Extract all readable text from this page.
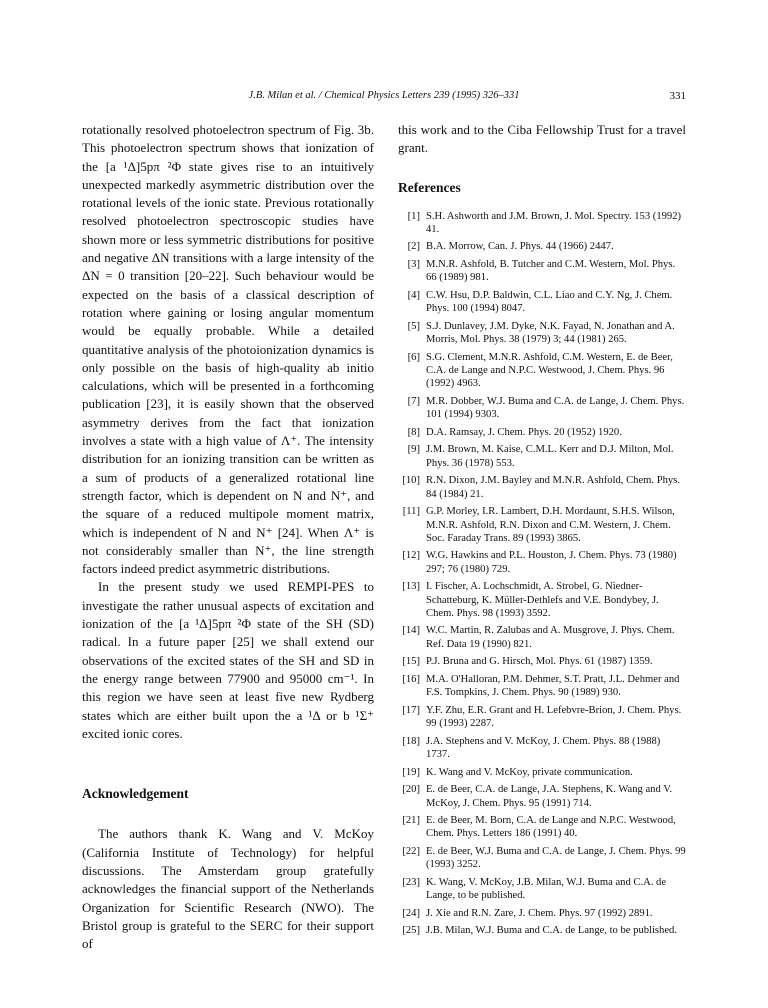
J.B. Milan et al. / Chemical Physics Letters 239 (1995) 326–331	331

rotationally resolved photoelectron spectrum of Fig. 3b. This photoelectron spectrum shows that ionization of the [a ¹Δ]5pπ ²Φ state gives rise to an intuitively unexpected markedly asymmetric distribution over the rotational levels of the ionic state. Previous rotationally resolved photoelectron spectroscopic studies have shown more or less symmetric distributions for positive and negative ΔN transitions with a large intensity of the ΔN = 0 transition [20–22]. Such behaviour would be expected on the basis of a classical description of rotation where gaining or losing angular momentum would be equally probable. While a detailed quantitative analysis of the photoionization dynamics is only possible on the basis of high-quality ab initio calculations, which will be presented in a forthcoming publication [23], it is easily shown that the observed asymmetry derives from the fact that ionization involves a state with a high value of Λ⁺. The intensity distribution for an ionizing transition can be written as a sum of products of a generalized rotational line strength factor, which is dependent on N and N⁺, and the square of a reduced multipole moment matrix, which is independent of N and N⁺ [24]. When Λ⁺ is not considerably smaller than N⁺, the line strength factors indeed predict asymmetric distributions.

In the present study we used REMPI-PES to investigate the rather unusual aspects of excitation and ionization of the [a ¹Δ]5pπ ²Φ state of the SH (SD) radical. In a future paper [25] we shall extend our observations of the excited states of the SH and SD in the energy range between 77900 and 95000 cm⁻¹. In this region we have seen at least five new Rydberg states which are either built upon the a ¹Δ or b ¹Σ⁺ excited ionic cores.

Acknowledgement

The authors thank K. Wang and V. McKoy (California Institute of Technology) for helpful discussions. The Amsterdam group gratefully acknowledges the financial support of the Netherlands Organization for Scientific Research (NWO). The Bristol group is grateful to the SERC for their support of

this work and to the Ciba Fellowship Trust for a travel grant.

References
[1] S.H. Ashworth and J.M. Brown, J. Mol. Spectry. 153 (1992) 41.
[2] B.A. Morrow, Can. J. Phys. 44 (1966) 2447.
[3] M.N.R. Ashfold, B. Tutcher and C.M. Western, Mol. Phys. 66 (1989) 981.
[4] C.W. Hsu, D.P. Baldwin, C.L. Liao and C.Y. Ng, J. Chem. Phys. 100 (1994) 8047.
[5] S.J. Dunlavey, J.M. Dyke, N.K. Fayad, N. Jonathan and A. Morris, Mol. Phys. 38 (1979) 3; 44 (1981) 265.
[6] S.G. Clement, M.N.R. Ashfold, C.M. Western, E. de Beer, C.A. de Lange and N.P.C. Westwood, J. Chem. Phys. 96 (1992) 4963.
[7] M.R. Dobber, W.J. Buma and C.A. de Lange, J. Chem. Phys. 101 (1994) 9303.
[8] D.A. Ramsay, J. Chem. Phys. 20 (1952) 1920.
[9] J.M. Brown, M. Kaise, C.M.L. Kerr and D.J. Milton, Mol. Phys. 36 (1978) 553.
[10] R.N. Dixon, J.M. Bayley and M.N.R. Ashfold, Chem. Phys. 84 (1984) 21.
[11] G.P. Morley, I.R. Lambert, D.H. Mordaunt, S.H.S. Wilson, M.N.R. Ashfold, R.N. Dixon and C.M. Western, J. Chem. Soc. Faraday Trans. 89 (1993) 3865.
[12] W.G. Hawkins and P.L. Houston, J. Chem. Phys. 73 (1980) 297; 76 (1980) 729.
[13] I. Fischer, A. Lochschmidt, A. Strobel, G. Niedner-Schatteburg, K. Müller-Dethlefs and V.E. Bondybey, J. Chem. Phys. 98 (1993) 3592.
[14] W.C. Martin, R. Zalubas and A. Musgrove, J. Phys. Chem. Ref. Data 19 (1990) 821.
[15] P.J. Bruna and G. Hirsch, Mol. Phys. 61 (1987) 1359.
[16] M.A. O'Halloran, P.M. Dehmer, S.T. Pratt, J.L. Dehmer and F.S. Tompkins, J. Chem. Phys. 90 (1989) 930.
[17] Y.F. Zhu, E.R. Grant and H. Lefebvre-Brion, J. Chem. Phys. 99 (1993) 2287.
[18] J.A. Stephens and V. McKoy, J. Chem. Phys. 88 (1988) 1737.
[19] K. Wang and V. McKoy, private communication.
[20] E. de Beer, C.A. de Lange, J.A. Stephens, K. Wang and V. McKoy, J. Chem. Phys. 95 (1991) 714.
[21] E. de Beer, M. Born, C.A. de Lange and N.P.C. Westwood, Chem. Phys. Letters 186 (1991) 40.
[22] E. de Beer, W.J. Buma and C.A. de Lange, J. Chem. Phys. 99 (1993) 3252.
[23] K. Wang, V. McKoy, J.B. Milan, W.J. Buma and C.A. de Lange, to be published.
[24] J. Xie and R.N. Zare, J. Chem. Phys. 97 (1992) 2891.
[25] J.B. Milan, W.J. Buma and C.A. de Lange, to be published.
